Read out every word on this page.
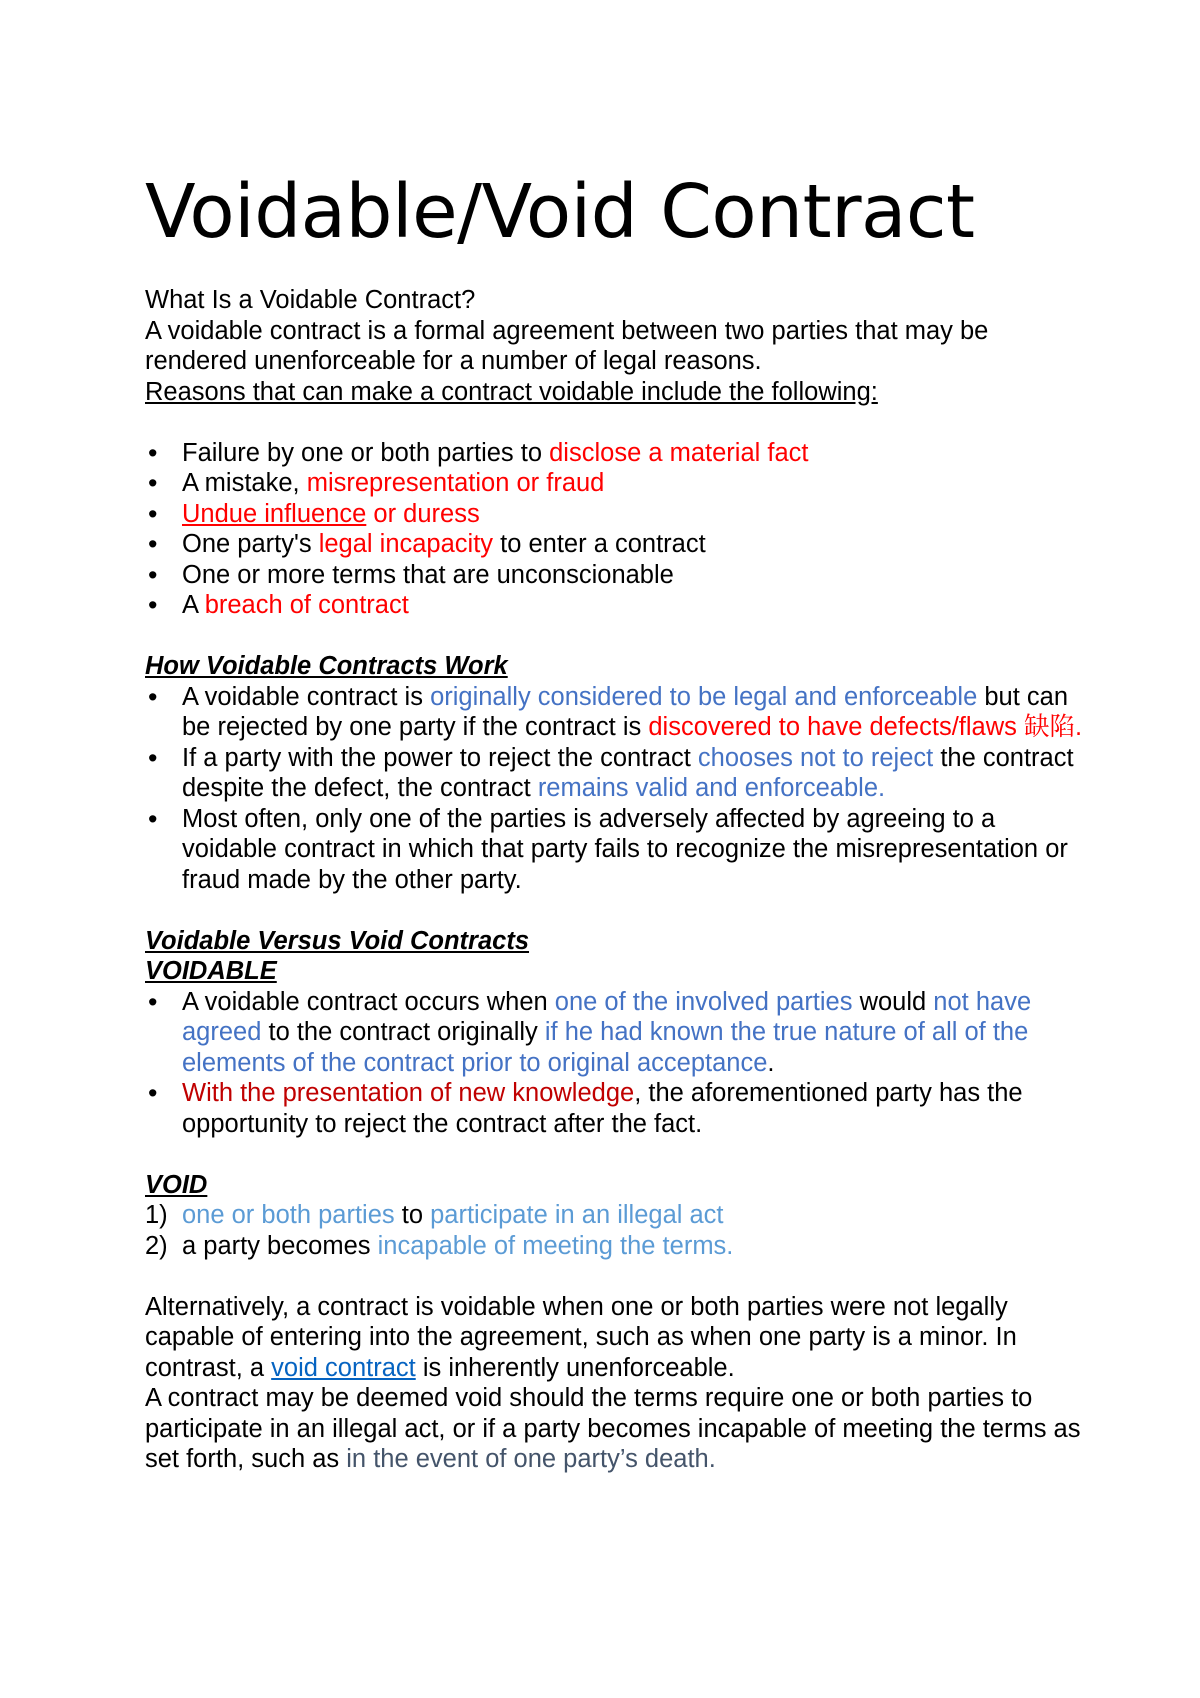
Voidable/Void Contract

What Is a Voidable Contract?

A voidable contract is a formal agreement between two parties that may be rendered unenforceable for a number of legal reasons.

Reasons that can make a contract voidable include the following:

• Failure by one or both parties to disclose a material fact
• A mistake, misrepresentation or fraud
• Undue influence or duress
• One party's legal incapacity to enter a contract
• One or more terms that are unconscionable
• A breach of contract

How Voidable Contracts Work

• A voidable contract is originally considered to be legal and enforceable but can be rejected by one party if the contract is discovered to have defects/flaws 缺陷.
• If a party with the power to reject the contract chooses not to reject the contract despite the defect, the contract remains valid and enforceable.
• Most often, only one of the parties is adversely affected by agreeing to a voidable contract in which that party fails to recognize the misrepresentation or fraud made by the other party.

Voidable Versus Void Contracts

VOIDABLE

• A voidable contract occurs when one of the involved parties would not have agreed to the contract originally if he had known the true nature of all of the elements of the contract prior to original acceptance.
• With the presentation of new knowledge, the aforementioned party has the opportunity to reject the contract after the fact.

VOID

1) one or both parties to participate in an illegal act
2) a party becomes incapable of meeting the terms.

Alternatively, a contract is voidable when one or both parties were not legally capable of entering into the agreement, such as when one party is a minor. In contrast, a void contract is inherently unenforceable.

A contract may be deemed void should the terms require one or both parties to participate in an illegal act, or if a party becomes incapable of meeting the terms as set forth, such as in the event of one party’s death.
